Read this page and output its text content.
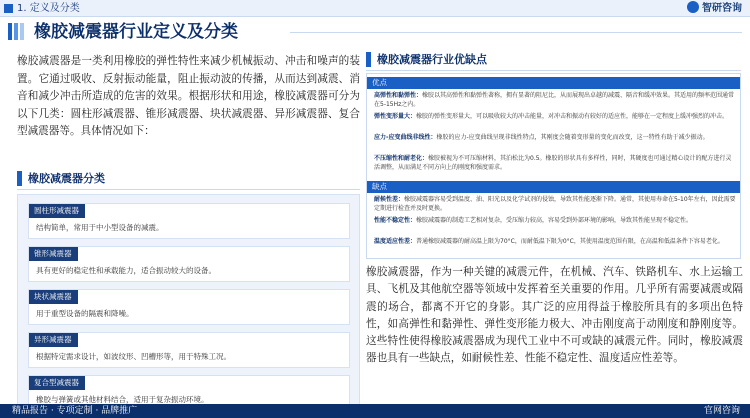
1. 定义及分类	智研咨询
橡胶减震器行业定义及分类
橡胶减震器是一类利用橡胶的弹性特性来减少机械振动、冲击和噪声的装置。它通过吸收、反射振动能量，阻止振动波的传播，从而达到减震、消音和减少冲击所造成的危害的效果。根据形状和用途，橡胶减震器可分为以下几类：圆柱形减震器、锥形减震器、块状减震器、异形减震器、复合型减震器等。具体情况如下：
橡胶减震器分类
圆柱形减震器
结构简单，常用于中小型设备的减震。
锥形减震器
具有更好的稳定性和承载能力，适合振动较大的设备。
块状减震器
用于重型设备的隔震和降噪。
异形减震器
根据特定需求设计，如波纹形、凹槽形等，用于特殊工况。
复合型减震器
橡胶与弹簧或其他材料结合，适用于复杂振动环境。
橡胶减震器行业优缺点
优点
高弹性和黏弹性：橡胶以其高弹性和黏弹性著称，拥有显著的阻尼比，从而展现出卓越的减震、隔音和缓冲效果。其适用的频率范围通常在5-15Hz之内。
弹性变形量大：橡胶的弹性变形量大，可以吸收较大的冲击能量，对冲击和振动有较好的适应性，能够在一定程度上缓冲强烈的冲击。
应力-应变曲线非线性：橡胶的应力-应变曲线呈现非线性特点，其刚度会随着变形量的变化而改变，这一特性有助于减少振动。
不压缩性和耐老化：橡胶被视为不可压缩材料，其泊松比为0.5。橡胶的形状具有多样性，同时，其硬度也可通过精心设计的配方进行灵活调整，从而满足不同方向上的刚度和强度需求。
缺点
耐候性差：橡胶减震器容易受到温度、油、阳光以及化学试剂的侵蚀，导致其性能逐渐下降。通常，其使用寿命在5-10年左右，因此需要定期进行检查并及时更换。
性能不稳定性：橡胶减震器的制造工艺相对复杂，受压缩力较高，容易受到外部环境的影响，导致其性能呈现不稳定性。
温度适应性差：普通橡胶减震器的耐高温上限为70°C，而耐低温下限为0°C，其使用温度范围有限，在高温和低温条件下容易老化。
橡胶减震器，作为一种关键的减震元件，在机械、汽车、铁路机车、水上运输工具、飞机及其他航空器等领域中发挥着至关重要的作用。几乎所有需要减震或隔震的场合，都离不开它的身影。其广泛的应用得益于橡胶所具有的多项出色特性，如高弹性和黏弹性、弹性变形能力极大、冲击刚度高于动刚度和静刚度等。这些特性使得橡胶减震器成为现代工业中不可或缺的减震元件。同时，橡胶减震器也具有一些缺点，如耐候性差、性能不稳定性、温度适应性差等。
精品报告 · 专项定制 · 品牌推广	官网咨询
